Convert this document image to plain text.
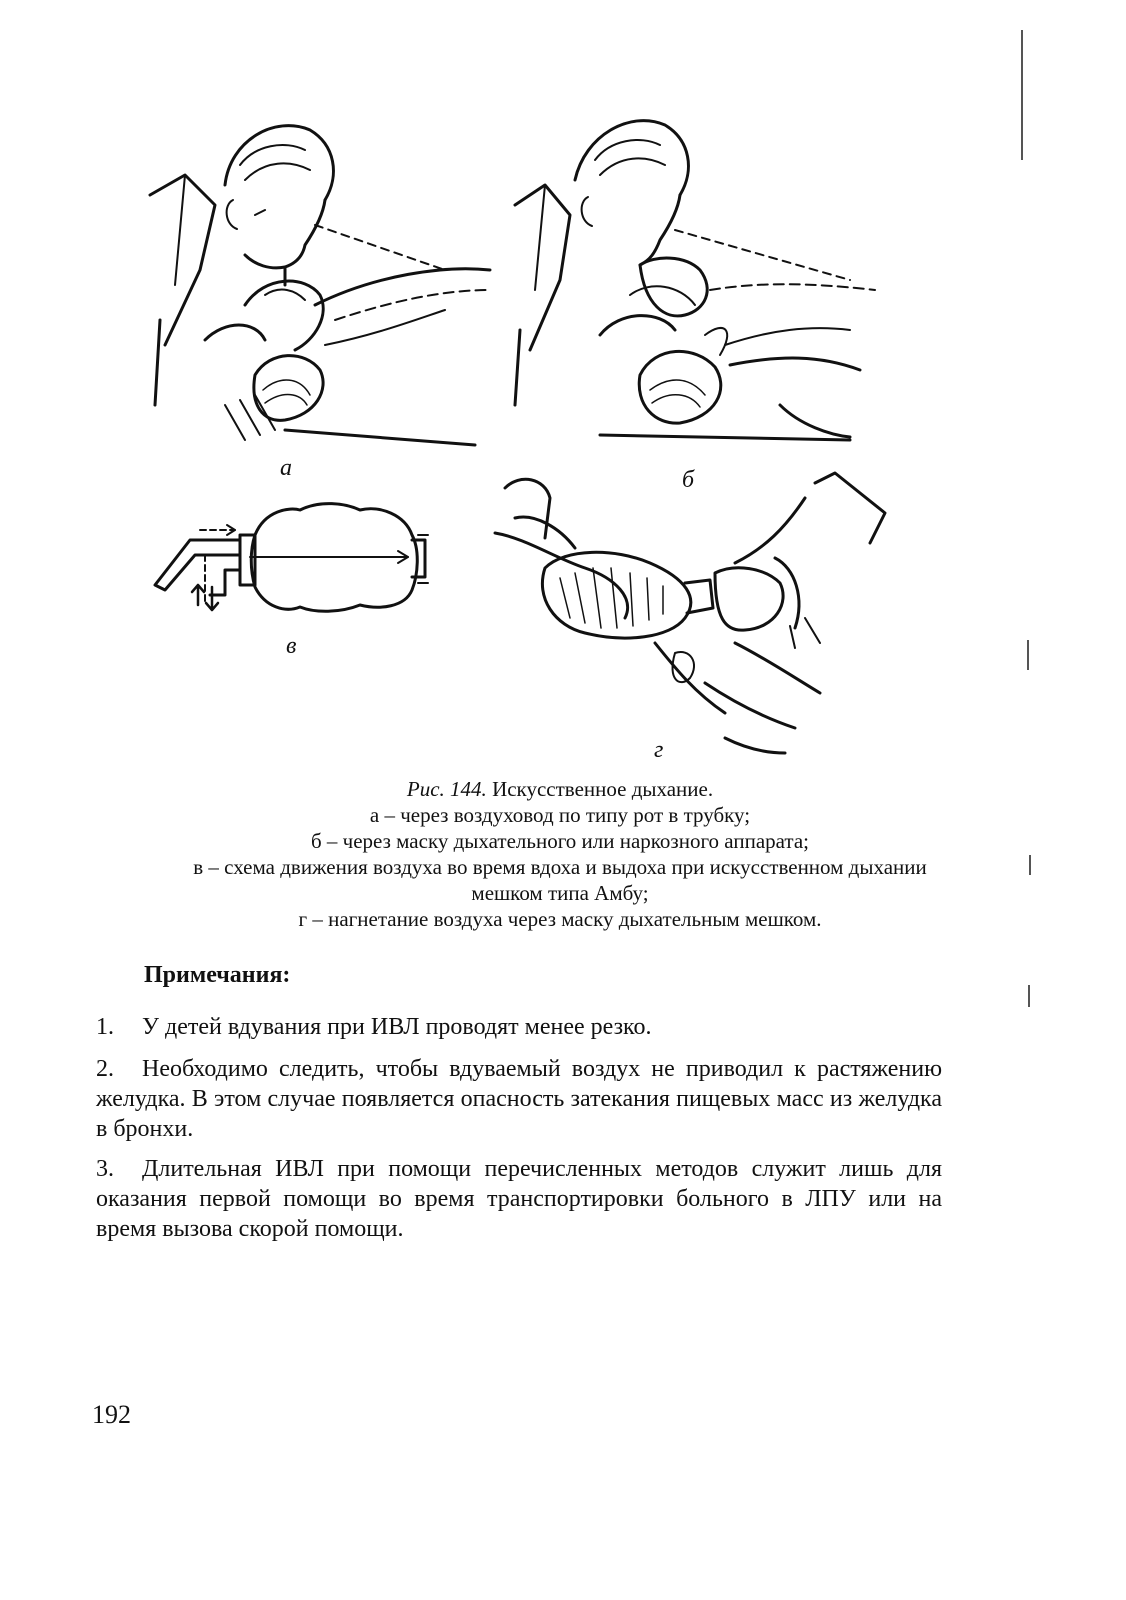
а	б
в
г
Рис. 144. Искусственное дыхание.
а – через воздуховод по типу рот в трубку;
б – через маску дыхательного или наркозного аппарата;
в – схема движения воздуха во время вдоха и выдоха при искусственном дыхании
мешком типа Амбу;
г – нагнетание воздуха через маску дыхательным мешком.
Примечания:
1. У детей вдувания при ИВЛ проводят менее резко.
2. Необходимо следить, чтобы вдуваемый воздух не приводил к растяжению желудка. В этом случае появляется опасность затекания пищевых масс из желудка в бронхи.
3. Длительная ИВЛ при помощи перечисленных методов служит лишь для оказания первой помощи во время транспортировки больного в ЛПУ или на время вызова скорой помощи.
192
